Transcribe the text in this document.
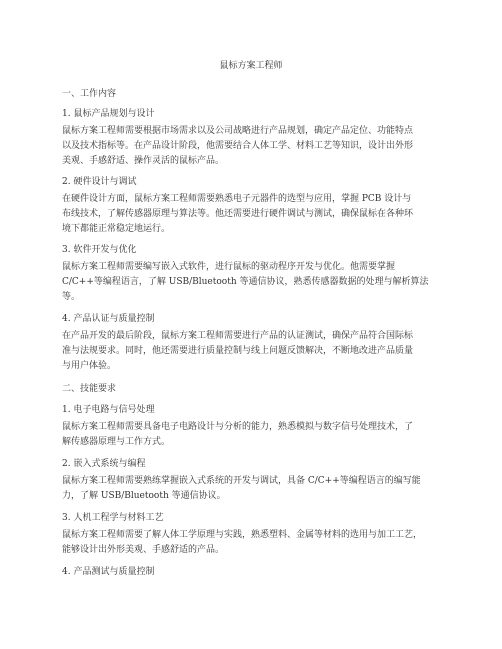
鼠标方案工程师
一、工作内容
1. 鼠标产品规划与设计
鼠标方案工程师需要根据市场需求以及公司战略进行产品规划，确定产品定位、功能特点
以及技术指标等。在产品设计阶段，他需要结合人体工学、材料工艺等知识，设计出外形
美观、手感舒适、操作灵活的鼠标产品。
2. 硬件设计与调试
在硬件设计方面，鼠标方案工程师需要熟悉电子元器件的选型与应用，掌握 PCB 设计与
布线技术，了解传感器原理与算法等。他还需要进行硬件调试与测试，确保鼠标在各种环
境下都能正常稳定地运行。
3. 软件开发与优化
鼠标方案工程师需要编写嵌入式软件，进行鼠标的驱动程序开发与优化。他需要掌握
C/C++等编程语言，了解 USB/Bluetooth 等通信协议，熟悉传感器数据的处理与解析算法
等。
4. 产品认证与质量控制
在产品开发的最后阶段，鼠标方案工程师需要进行产品的认证测试，确保产品符合国际标
准与法规要求。同时，他还需要进行质量控制与线上问题反馈解决，不断地改进产品质量
与用户体验。
二、技能要求
1. 电子电路与信号处理
鼠标方案工程师需要具备电子电路设计与分析的能力，熟悉模拟与数字信号处理技术，了
解传感器原理与工作方式。
2. 嵌入式系统与编程
鼠标方案工程师需要熟练掌握嵌入式系统的开发与调试，具备 C/C++等编程语言的编写能
力，了解 USB/Bluetooth 等通信协议。
3. 人机工程学与材料工艺
鼠标方案工程师需要了解人体工学原理与实践，熟悉塑料、金属等材料的选用与加工工艺，
能够设计出外形美观、手感舒适的产品。
4. 产品测试与质量控制
